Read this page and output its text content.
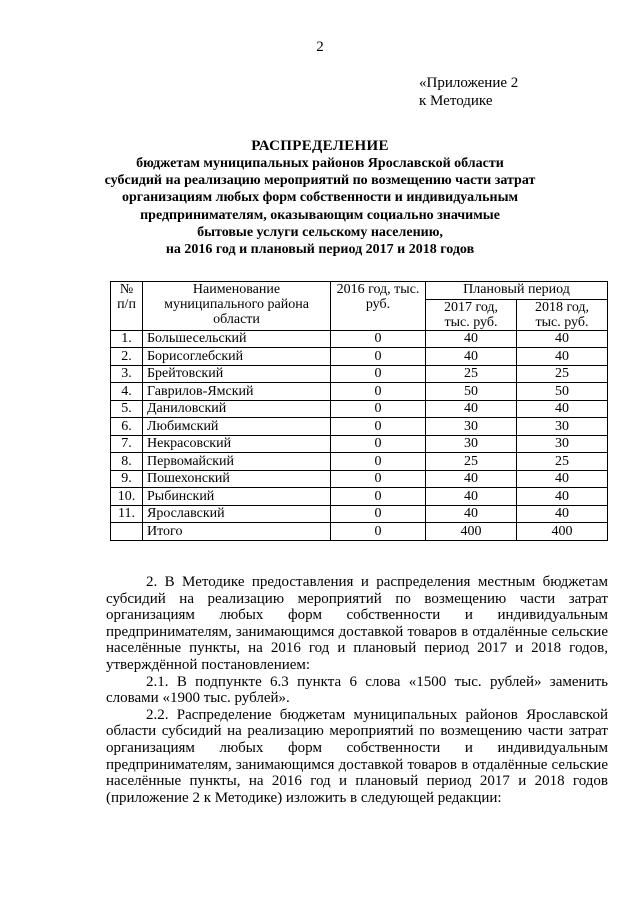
2
«Приложение 2
к Методике
РАСПРЕДЕЛЕНИЕ
бюджетам муниципальных районов Ярославской области
субсидий на реализацию мероприятий по возмещению части затрат
организациям любых форм собственности и индивидуальным
предпринимателям, оказывающим социально значимые
бытовые услуги сельскому населению,
на 2016 год и плановый период 2017 и 2018 годов
№ п/п	Наименование муниципального района области	2016 год, тыс. руб.	Плановый период	
			2017 год, тыс. руб.	2018 год, тыс. руб.
1.	Большесельский	0	40	40
2.	Борисоглебский	0	40	40
3.	Брейтовский	0	25	25
4.	Гаврилов-Ямский	0	50	50
5.	Даниловский	0	40	40
6.	Любимский	0	30	30
7.	Некрасовский	0	30	30
8.	Первомайский	0	25	25
9.	Пошехонский	0	40	40
10.	Рыбинский	0	40	40
11.	Ярославский	0	40	40
	Итого	0	400	400

2. В Методике предоставления и распределения местным бюджетам субсидий на реализацию мероприятий по возмещению части затрат организациям любых форм собственности и индивидуальным предпринимателям, занимающимся доставкой товаров в отдалённые сельские населённые пункты, на 2016 год и плановый период 2017 и 2018 годов, утверждённой постановлением:

2.1. В подпункте 6.3 пункта 6 слова «1500 тыс. рублей» заменить словами «1900 тыс. рублей».

2.2. Распределение бюджетам муниципальных районов Ярославской области субсидий на реализацию мероприятий по возмещению части затрат организациям любых форм собственности и индивидуальным предпринимателям, занимающимся доставкой товаров в отдалённые сельские населённые пункты, на 2016 год и плановый период 2017 и 2018 годов (приложение 2 к Методике) изложить в следующей редакции:
